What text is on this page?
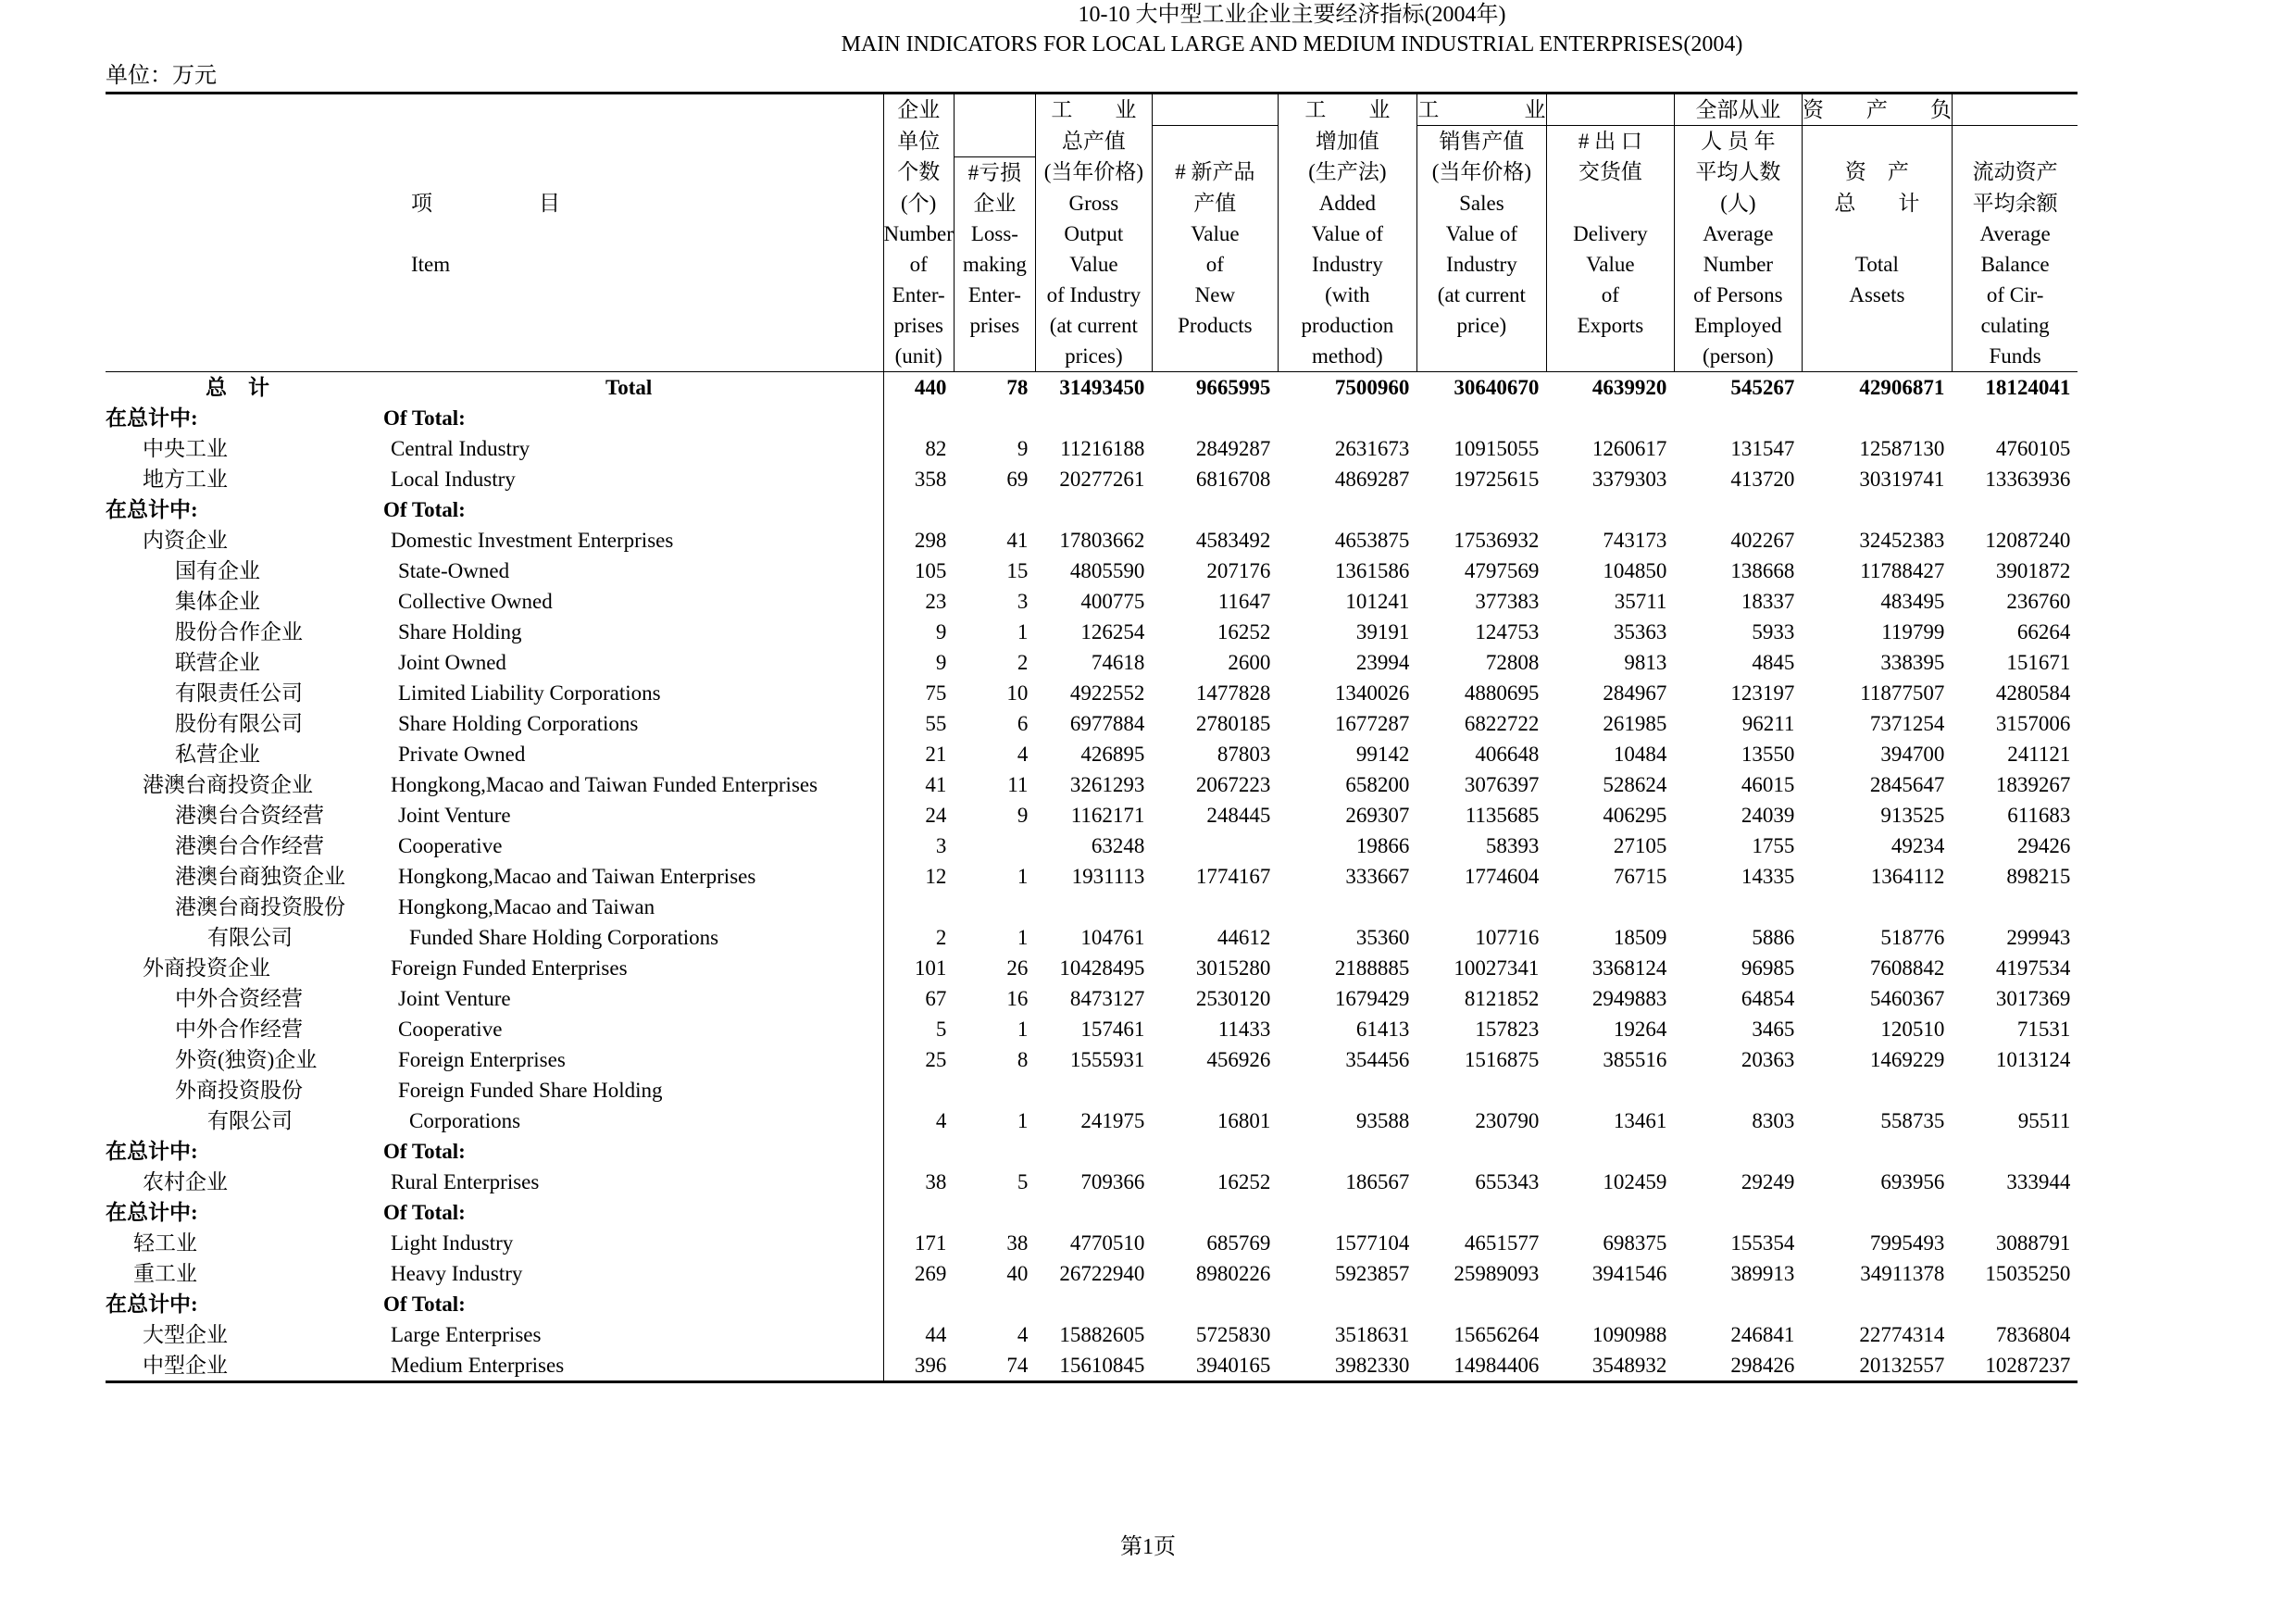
10-10 大中型工业企业主要经济指标(2004年)
MAIN INDICATORS FOR LOCAL LARGE AND MEDIUM INDUSTRIAL ENTERPRISES(2004)
单位：万元
		企业		工　　业		工　　业	工　　　　业		全部从业	资　　产　　负	
		单位		总产值		增加值	销售产值	# 出 口	人 员 年		
		个数	#亏损	(当年价格)	# 新产品	(生产法)	(当年价格)	交货值	平均人数	资　产	流动资产
项　　　　　目		(个)	企业	Gross	产值	Added	Sales		(人)	总　　计	平均余额
		Number	Loss-	Output	Value	Value of	Value of	Delivery	Average		Average
Item		of	making	Value	of	Industry	Industry	Value	Number	Total	Balance
		Enter-	Enter-	of Industry	New	(with	(at current	of	of Persons	Assets	of Cir-
		prises	prises	(at current	Products	production	price)	Exports	Employed		culating
		(unit)		prices)		method)			(person)		Funds
总　计	Total	440	78	31493450	9665995	7500960	30640670	4639920	545267	42906871	18124041
在总计中:	Of Total:										
中央工业	Central Industry	82	9	11216188	2849287	2631673	10915055	1260617	131547	12587130	4760105
地方工业	Local Industry	358	69	20277261	6816708	4869287	19725615	3379303	413720	30319741	13363936
在总计中:	Of Total:										
内资企业	Domestic Investment Enterprises	298	41	17803662	4583492	4653875	17536932	743173	402267	32452383	12087240
国有企业	State-Owned	105	15	4805590	207176	1361586	4797569	104850	138668	11788427	3901872
集体企业	Collective Owned	23	3	400775	11647	101241	377383	35711	18337	483495	236760
股份合作企业	Share Holding	9	1	126254	16252	39191	124753	35363	5933	119799	66264
联营企业	Joint Owned	9	2	74618	2600	23994	72808	9813	4845	338395	151671
有限责任公司	Limited Liability Corporations	75	10	4922552	1477828	1340026	4880695	284967	123197	11877507	4280584
股份有限公司	Share Holding Corporations	55	6	6977884	2780185	1677287	6822722	261985	96211	7371254	3157006
私营企业	Private Owned	21	4	426895	87803	99142	406648	10484	13550	394700	241121
港澳台商投资企业	Hongkong,Macao and Taiwan Funded Enterprises	41	11	3261293	2067223	658200	3076397	528624	46015	2845647	1839267
港澳台合资经营	Joint Venture	24	9	1162171	248445	269307	1135685	406295	24039	913525	611683
港澳台合作经营	Cooperative	3		63248		19866	58393	27105	1755	49234	29426
港澳台商独资企业	Hongkong,Macao and Taiwan Enterprises	12	1	1931113	1774167	333667	1774604	76715	14335	1364112	898215
港澳台商投资股份	Hongkong,Macao and Taiwan										
有限公司	Funded Share Holding Corporations	2	1	104761	44612	35360	107716	18509	5886	518776	299943
外商投资企业	Foreign Funded Enterprises	101	26	10428495	3015280	2188885	10027341	3368124	96985	7608842	4197534
中外合资经营	Joint Venture	67	16	8473127	2530120	1679429	8121852	2949883	64854	5460367	3017369
中外合作经营	Cooperative	5	1	157461	11433	61413	157823	19264	3465	120510	71531
外资(独资)企业	Foreign Enterprises	25	8	1555931	456926	354456	1516875	385516	20363	1469229	1013124
外商投资股份	Foreign Funded Share Holding										
有限公司	Corporations	4	1	241975	16801	93588	230790	13461	8303	558735	95511
在总计中:	Of Total:										
农村企业	Rural Enterprises	38	5	709366	16252	186567	655343	102459	29249	693956	333944
在总计中:	Of Total:										
轻工业	Light Industry	171	38	4770510	685769	1577104	4651577	698375	155354	7995493	3088791
重工业	Heavy Industry	269	40	26722940	8980226	5923857	25989093	3941546	389913	34911378	15035250
在总计中:	Of Total:										
大型企业	Large Enterprises	44	4	15882605	5725830	3518631	15656264	1090988	246841	22774314	7836804
中型企业	Medium Enterprises	396	74	15610845	3940165	3982330	14984406	3548932	298426	20132557	10287237
第1页
